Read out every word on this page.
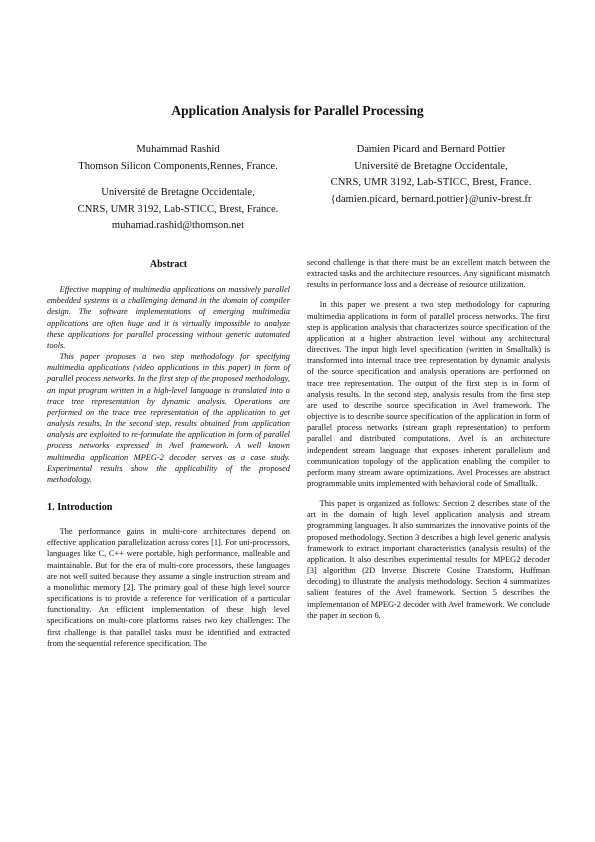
Application Analysis for Parallel Processing
Muhammad Rashid
Thomson Silicon Components,Rennes, France.
Université de Bretagne Occidentale,
CNRS, UMR 3192, Lab-STICC, Brest, France.
muhamad.rashid@thomson.net
Damien Picard and Bernard Pottier
Université de Bretagne Occidentale,
CNRS, UMR 3192, Lab-STICC, Brest, France.
{damien.picard, bernard.pottier}@univ-brest.fr
Abstract

Effective mapping of multimedia applications on massively parallel embedded systems is a challenging demand in the domain of compiler design. The software implementations of emerging multimedia applications are often huge and it is virtually impossible to analyze these applications for parallel processing without generic automated tools.

This paper proposes a two step methodology for specifying multimedia applications (video applications in this paper) in form of parallel process networks. In the first step of the proposed methodology, an input program written in a high-level language is translated into a trace tree representation by dynamic analysis. Operations are performed on the trace tree representation of the application to get analysis results. In the second step, results obtained from application analysis are exploited to re-formulate the application in form of parallel process networks expressed in Avel framework. A well known multimedia application MPEG-2 decoder serves as a case study. Experimental results show the applicability of the proposed methodology.

1. Introduction

The performance gains in multi-core architectures depend on effective application parallelization across cores [1]. For uni-processors, languages like C, C++ were portable, high performance, malleable and maintainable. But for the era of multi-core processors, these languages are not well suited because they assume a single instruction stream and a monolithic memory [2]. The primary goal of these high level source specifications is to provide a reference for verification of a particular functionality. An efficient implementation of these high level specifications on multi-core platforms raises two key challenges: The first challenge is that parallel tasks must be identified and extracted from the sequential reference specification. The

second challenge is that there must be an excellent match between the extracted tasks and the architecture resources. Any significant mismatch results in performance loss and a decrease of resource utilization.

In this paper we present a two step methodology for capturing multimedia applications in form of parallel process networks. The first step is application analysis that characterizes source specification of the application at a higher abstraction level without any architectural directives. The input high level specification (written in Smalltalk) is transformed into internal trace tree representation by dynamic analysis of the source specification and analysis operations are performed on trace tree representation. The output of the first step is in form of analysis results. In the second step, analysis results from the first step are used to describe source specification in Avel framework. The objective is to describe source specification of the application in form of parallel process networks (stream graph representation) to perform parallel and distributed computations. Avel is an architecture independent stream language that exposes inherent parallelism and communication topology of the application enabling the compiler to perform many stream aware optimizations. Avel Processes are abstract programmable units implemented with behavioral code of Smalltalk.

This paper is organized as follows: Section 2 describes state of the art in the domain of high level application analysis and stream programming languages. It also summarizes the innovative points of the proposed methodology. Section 3 describes a high level generic analysis framework to extract important characteristics (analysis results) of the application. It also describes experimental results for MPEG2 decoder [3] algorithm (2D Inverse Discrete Cosine Transform, Huffman decoding) to illustrate the analysis methodology. Section 4 summarizes salient features of the Avel framework. Section 5 describes the implementation of MPEG-2 decoder with Avel framework. We conclude the paper in section 6.
